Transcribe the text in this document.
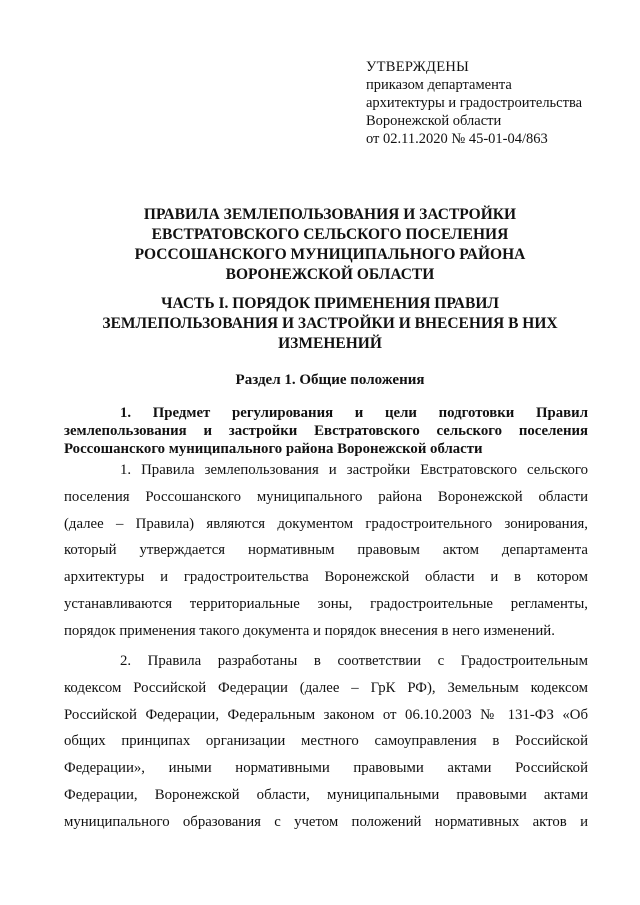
УТВЕРЖДЕНЫ
приказом департамента
архитектуры и градостроительства
Воронежской области
от 02.11.2020 № 45-01-04/863
ПРАВИЛА ЗЕМЛЕПОЛЬЗОВАНИЯ И ЗАСТРОЙКИ
ЕВСТРАТОВСКОГО СЕЛЬСКОГО ПОСЕЛЕНИЯ
РОССОШАНСКОГО МУНИЦИПАЛЬНОГО РАЙОНА
ВОРОНЕЖСКОЙ ОБЛАСТИ
ЧАСТЬ I. ПОРЯДОК ПРИМЕНЕНИЯ ПРАВИЛ
ЗЕМЛЕПОЛЬЗОВАНИЯ И ЗАСТРОЙКИ И ВНЕСЕНИЯ В НИХ
ИЗМЕНЕНИЙ
Раздел 1. Общие положения
1. Предмет регулирования и цели подготовки Правил
землепользования и застройки Евстратовского сельского поселения
Россошанского муниципального района Воронежской области
1. Правила землепользования и застройки Евстратовского сельского
поселения Россошанского муниципального района Воронежской области
(далее – Правила) являются документом градостроительного зонирования,
который утверждается нормативным правовым актом департамента
архитектуры и градостроительства Воронежской области и в котором
устанавливаются территориальные зоны, градостроительные регламенты,
порядок применения такого документа и порядок внесения в него изменений.
2. Правила разработаны в соответствии с Градостроительным
кодексом Российской Федерации (далее – ГрК РФ), Земельным кодексом
Российской Федерации, Федеральным законом от 06.10.2003 № 131-ФЗ «Об
общих принципах организации местного самоуправления в Российской
Федерации», иными нормативными правовыми актами Российской
Федерации, Воронежской области, муниципальными правовыми актами
муниципального образования с учетом положений нормативных актов и
